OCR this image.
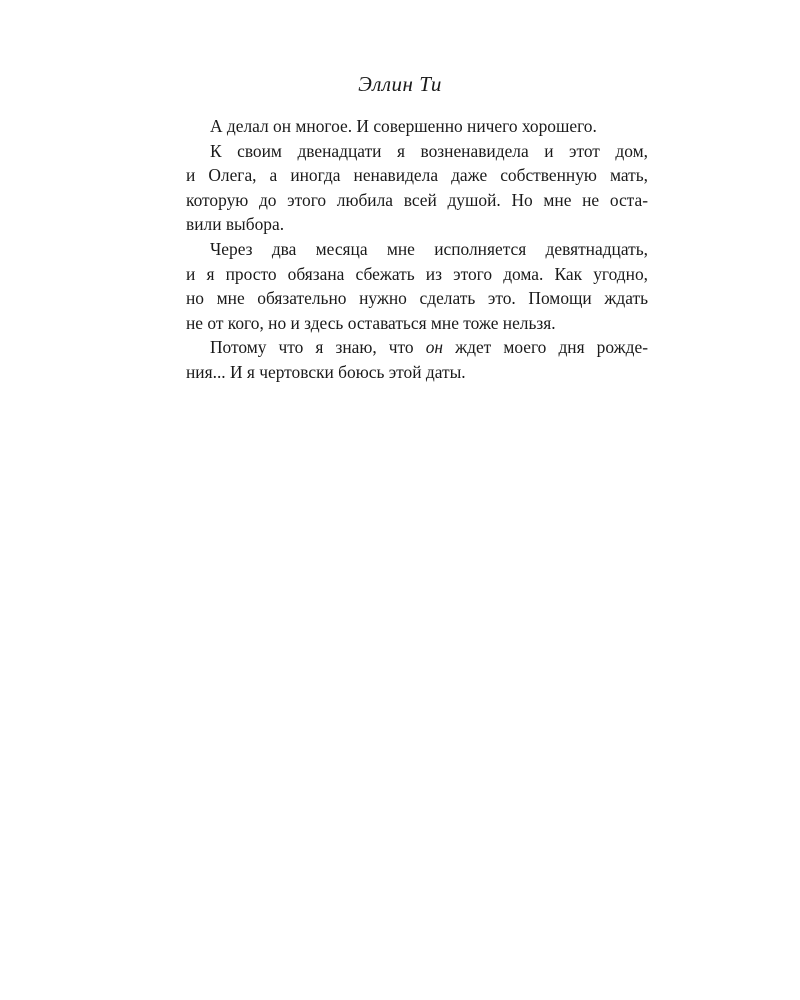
Эллин Ти
А делал он многое. И совершенно ничего хорошего.
К своим двенадцати я возненавидела и этот дом,
и Олега, а иногда ненавидела даже собственную мать,
которую до этого любила всей душой. Но мне не оста-
вили выбора.
Через два месяца мне исполняется девятнадцать,
и я просто обязана сбежать из этого дома. Как угодно,
но мне обязательно нужно сделать это. Помощи ждать
не от кого, но и здесь оставаться мне тоже нельзя.
Потому что я знаю, что он ждет моего дня рожде-
ния... И я чертовски боюсь этой даты.
